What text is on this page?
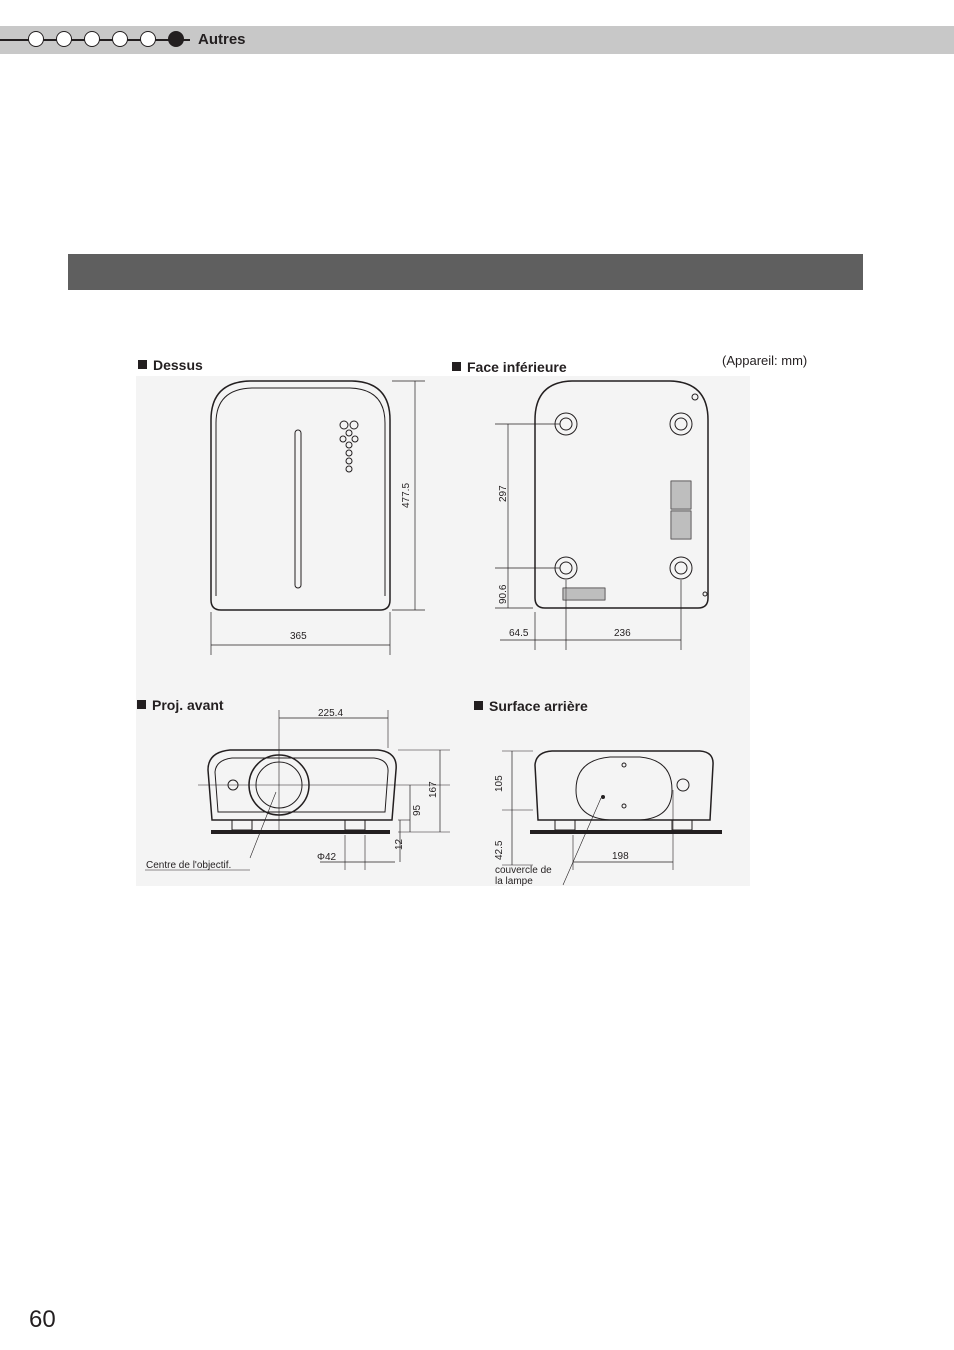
Autres
Dessus	Face inférieure	(Appareil: mm)
Proj. avant	Surface arrière
365
477.5	297
90.6
64.5	236
225.4
167
95
12
Φ42
Centre de l'objectif.
105
42.5	198
couvercle de
la lampe
60
